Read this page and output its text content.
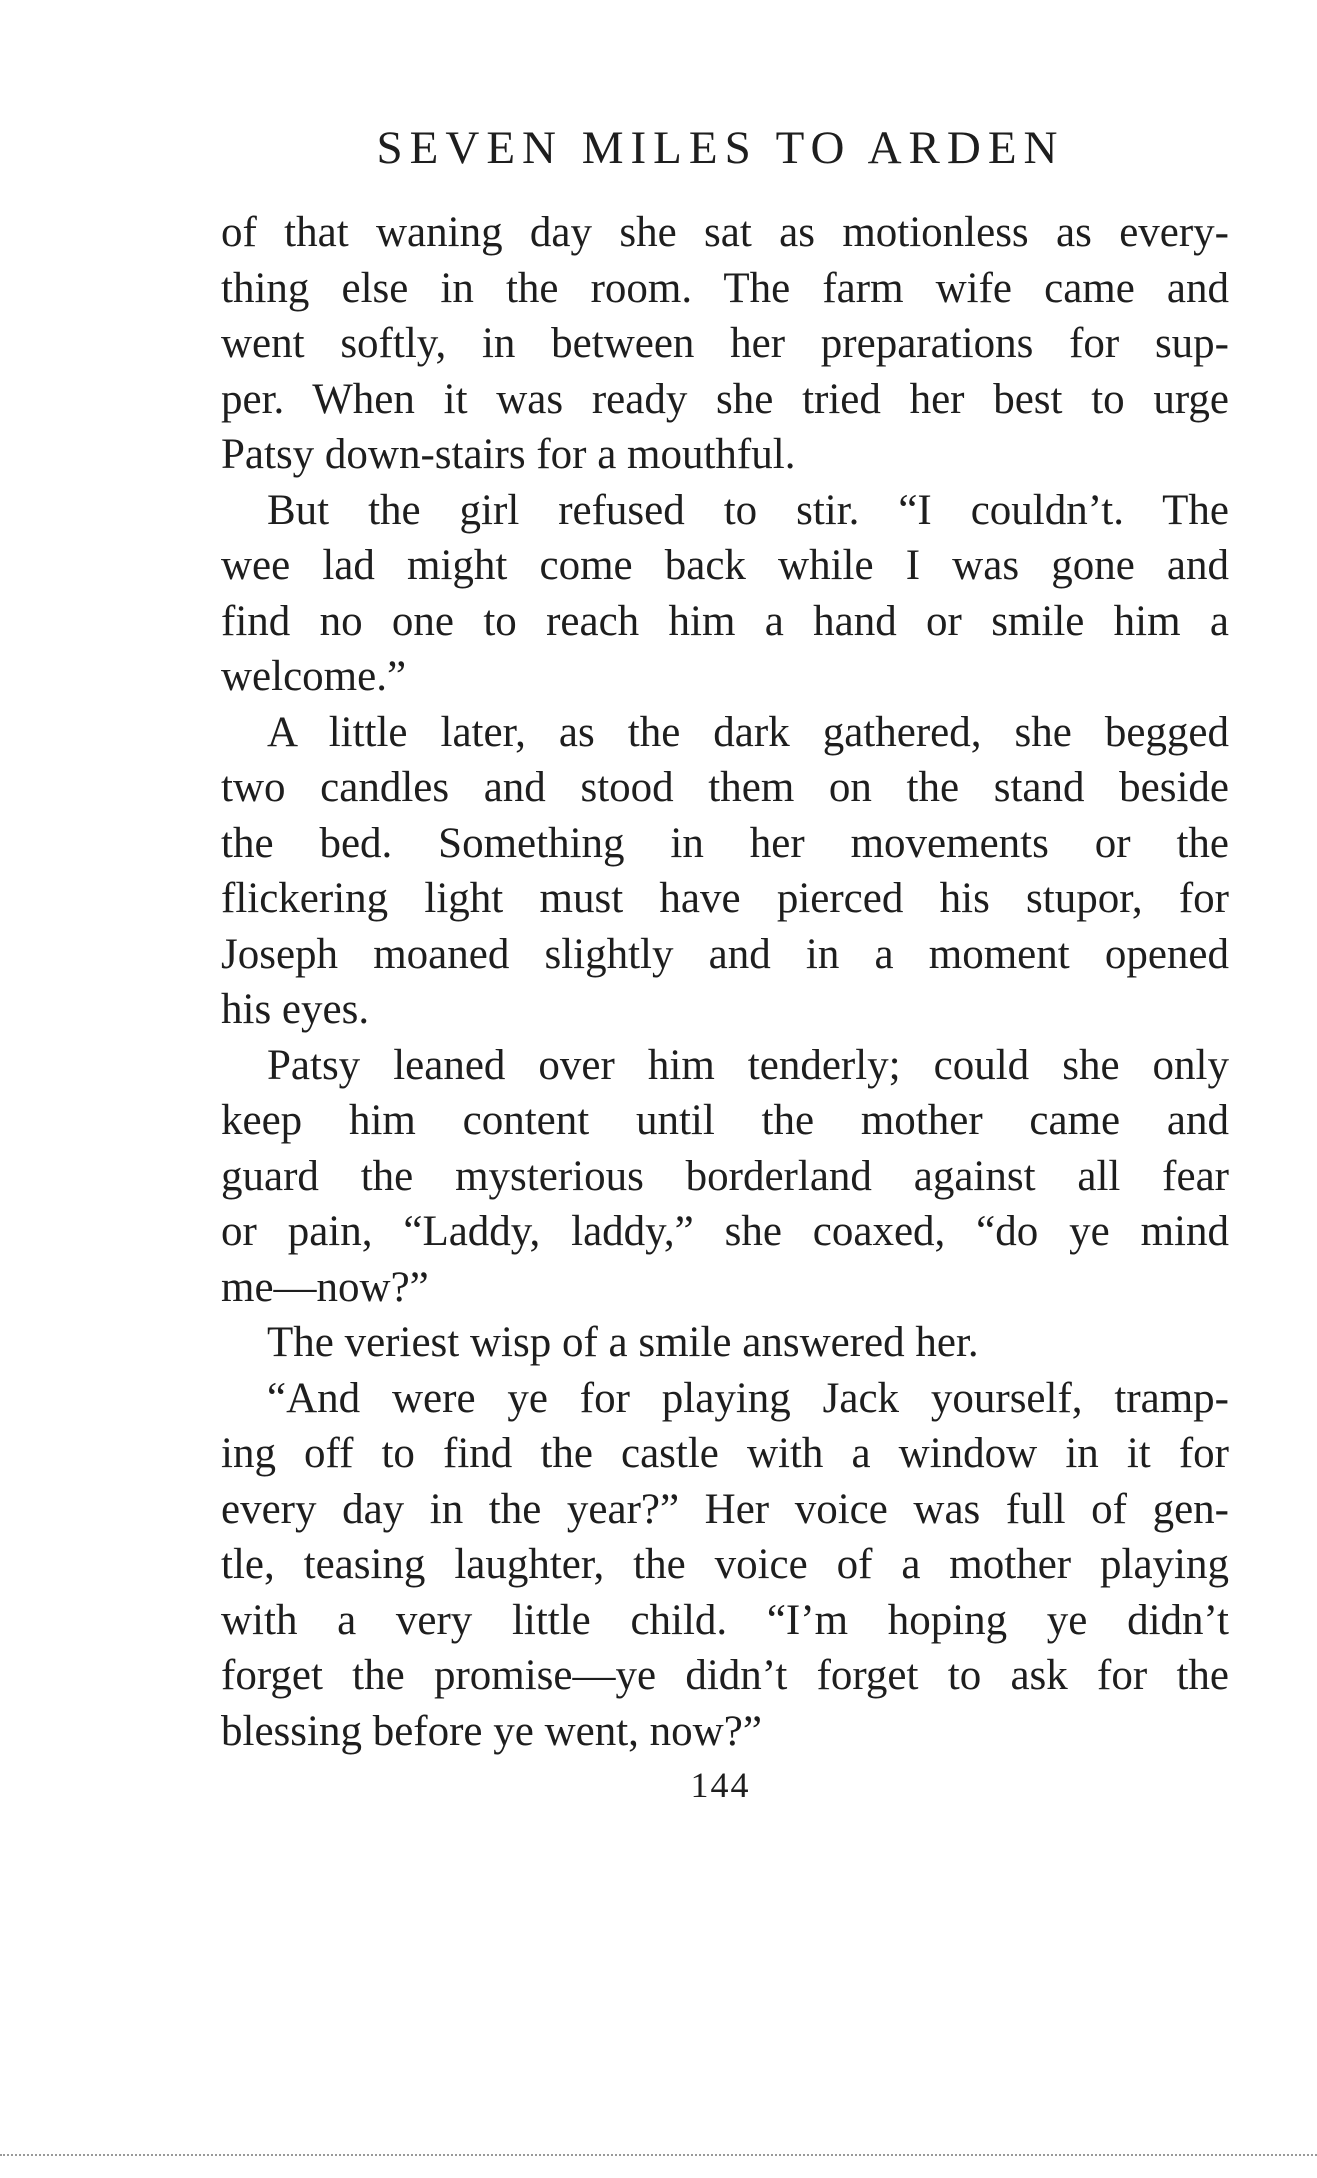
SEVEN MILES TO ARDEN
of that waning day she sat as motionless as every-
thing else in the room. The farm wife came and
went softly, in between her preparations for sup-
per. When it was ready she tried her best to urge
Patsy down-stairs for a mouthful.
But the girl refused to stir. “I couldn’t. The
wee lad might come back while I was gone and
find no one to reach him a hand or smile him a
welcome.”
A little later, as the dark gathered, she begged
two candles and stood them on the stand beside
the bed. Something in her movements or the
flickering light must have pierced his stupor, for
Joseph moaned slightly and in a moment opened
his eyes.
Patsy leaned over him tenderly; could she only
keep him content until the mother came and
guard the mysterious borderland against all fear
or pain, “Laddy, laddy,” she coaxed, “do ye mind
me—now?”
The veriest wisp of a smile answered her.
“And were ye for playing Jack yourself, tramp-
ing off to find the castle with a window in it for
every day in the year?” Her voice was full of gen-
tle, teasing laughter, the voice of a mother playing
with a very little child. “I’m hoping ye didn’t
forget the promise—ye didn’t forget to ask for the
blessing before ye went, now?”
144
